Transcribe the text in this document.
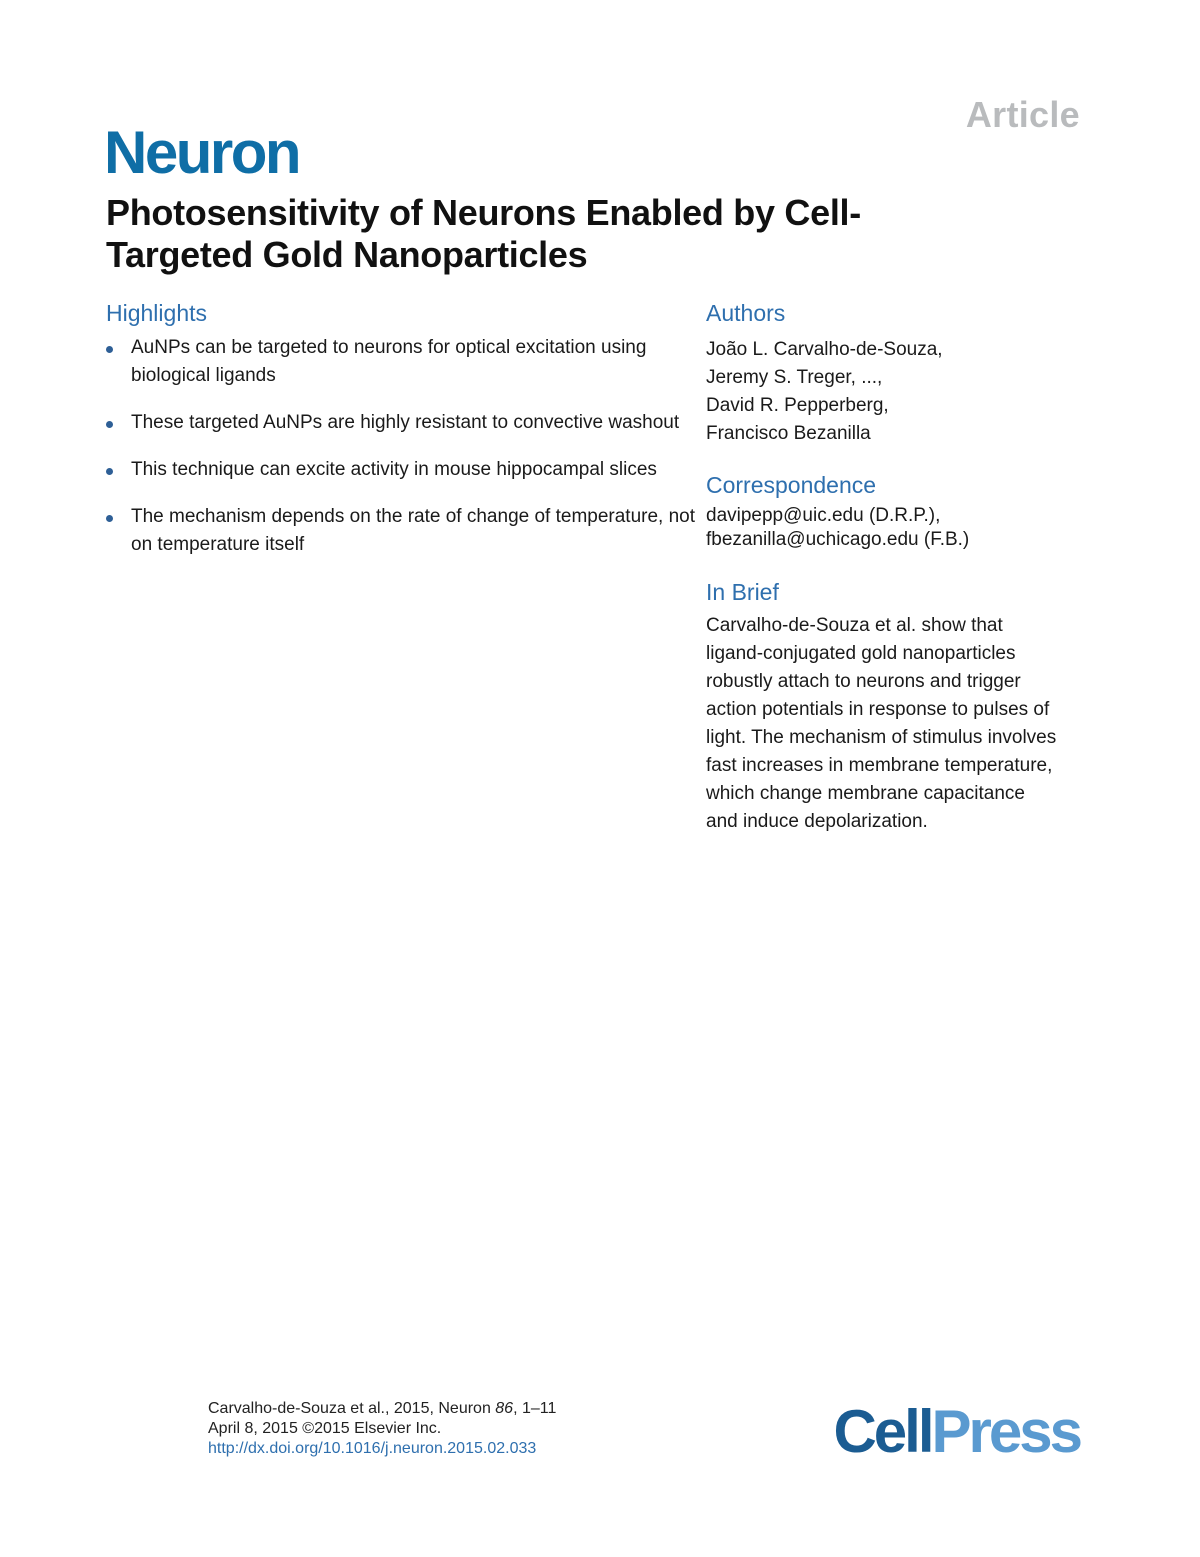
Article
Neuron
Photosensitivity of Neurons Enabled by Cell-Targeted Gold Nanoparticles
Highlights
AuNPs can be targeted to neurons for optical excitation using biological ligands
These targeted AuNPs are highly resistant to convective washout
This technique can excite activity in mouse hippocampal slices
The mechanism depends on the rate of change of temperature, not on temperature itself
Authors
João L. Carvalho-de-Souza,
Jeremy S. Treger, ...,
David R. Pepperberg,
Francisco Bezanilla
Correspondence
davipepp@uic.edu (D.R.P.),
fbezanilla@uchicago.edu (F.B.)
In Brief
Carvalho-de-Souza et al. show that
ligand-conjugated gold nanoparticles
robustly attach to neurons and trigger
action potentials in response to pulses of
light. The mechanism of stimulus involves
fast increases in membrane temperature,
which change membrane capacitance
and induce depolarization.
Carvalho-de-Souza et al., 2015, Neuron 86, 1–11
April 8, 2015 ©2015 Elsevier Inc.
http://dx.doi.org/10.1016/j.neuron.2015.02.033	CellPress
